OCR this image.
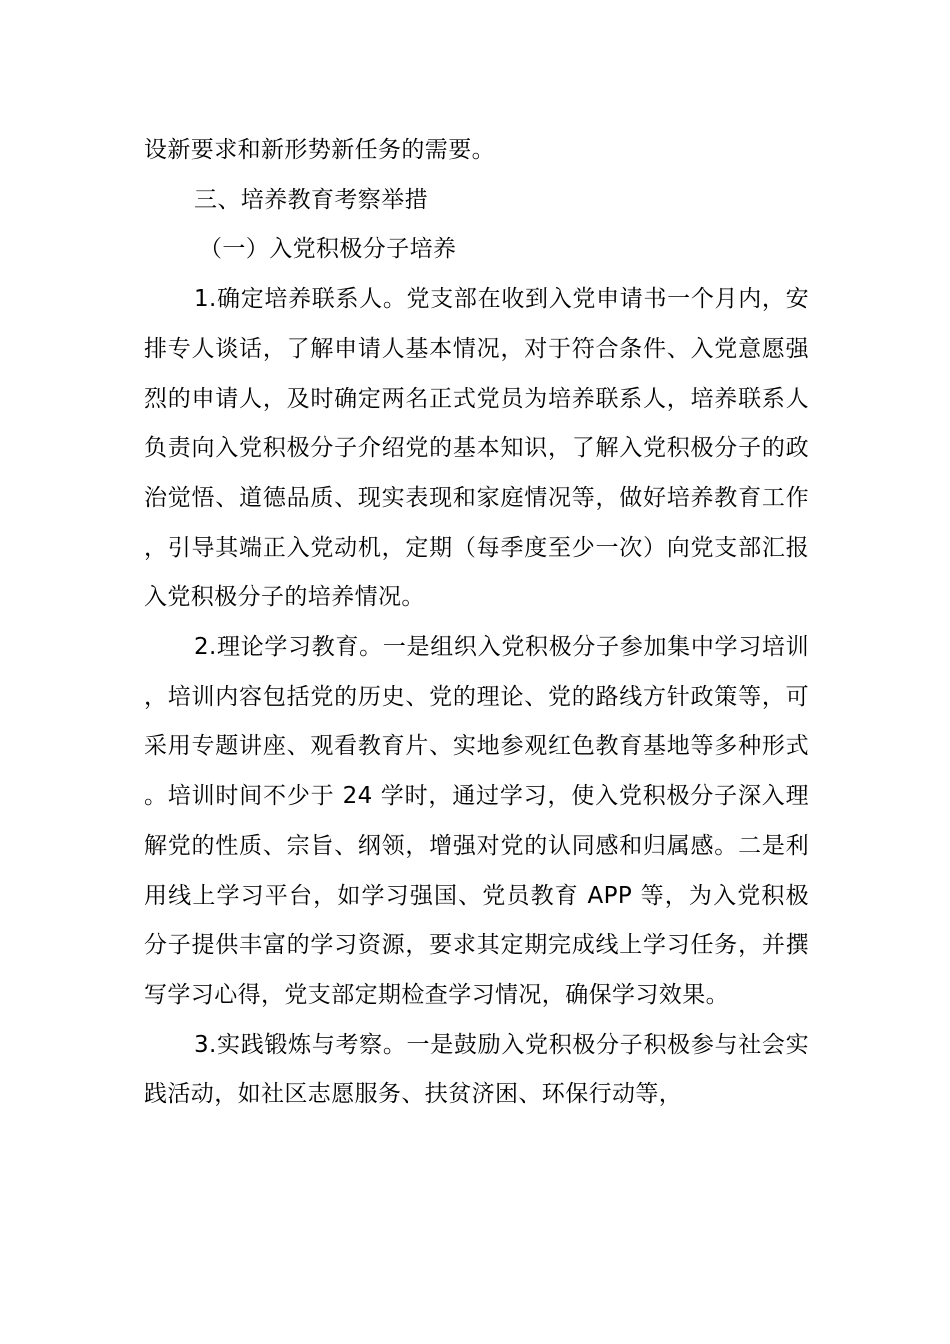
设新要求和新形势新任务的需要。

三、培养教育考察举措

（一）入党积极分子培养

1.确定培养联系人。党支部在收到入党申请书一个月内，安排专人谈话，了解申请人基本情况，对于符合条件、入党意愿强烈的申请人，及时确定两名正式党员为培养联系人，培养联系人负责向入党积极分子介绍党的基本知识，了解入党积极分子的政治觉悟、道德品质、现实表现和家庭情况等，做好培养教育工作，引导其端正入党动机，定期（每季度至少一次）向党支部汇报入党积极分子的培养情况。

2.理论学习教育。一是组织入党积极分子参加集中学习培训，培训内容包括党的历史、党的理论、党的路线方针政策等，可采用专题讲座、观看教育片、实地参观红色教育基地等多种形式。培训时间不少于 24 学时，通过学习，使入党积极分子深入理解党的性质、宗旨、纲领，增强对党的认同感和归属感。二是利用线上学习平台，如学习强国、党员教育 APP 等，为入党积极分子提供丰富的学习资源，要求其定期完成线上学习任务，并撰写学习心得，党支部定期检查学习情况，确保学习效果。

3.实践锻炼与考察。一是鼓励入党积极分子积极参与社会实践活动，如社区志愿服务、扶贫济困、环保行动等，
